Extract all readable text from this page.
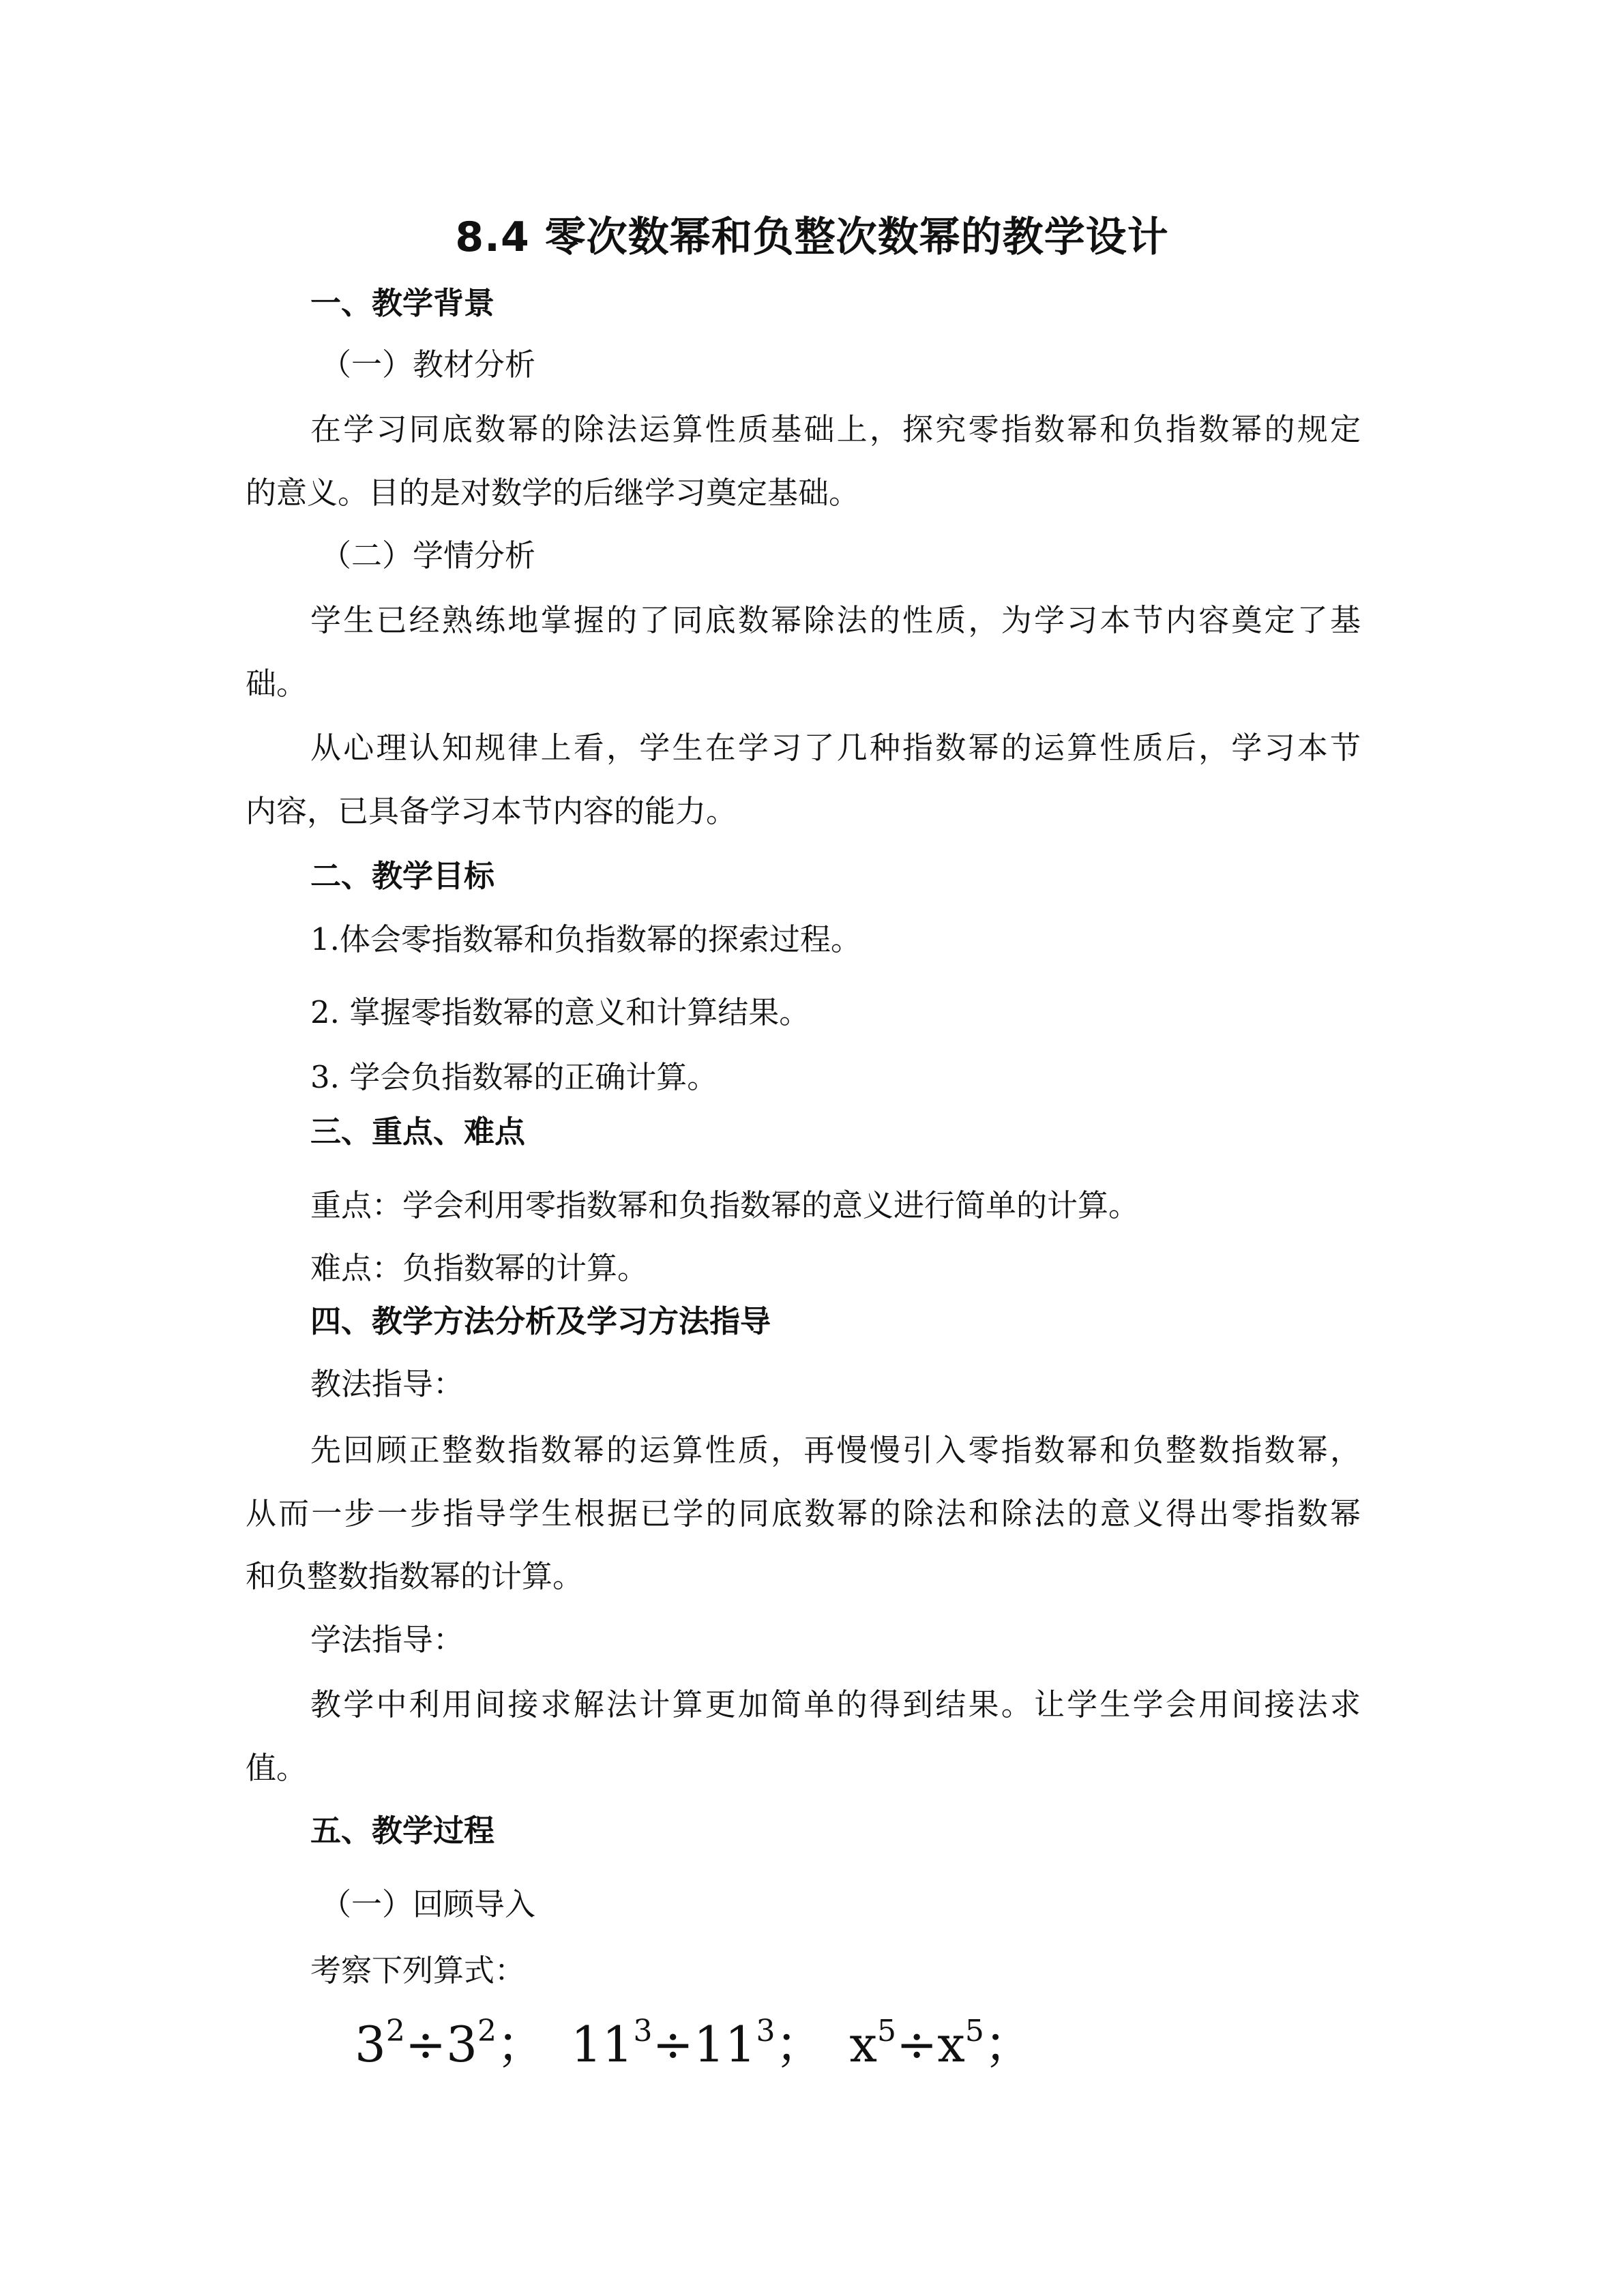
8.4 零次数幂和负整次数幂的教学设计
一、教学背景
（一）教材分析
在学习同底数幂的除法运算性质基础上，探究零指数幂和负指数幂的规定
的意义。目的是对数学的后继学习奠定基础。
（二）学情分析
学生已经熟练地掌握的了同底数幂除法的性质，为学习本节内容奠定了基
础。
从心理认知规律上看，学生在学习了几种指数幂的运算性质后，学习本节
内容，已具备学习本节内容的能力。
二、教学目标
1.体会零指数幂和负指数幂的探索过程。
2. 掌握零指数幂的意义和计算结果。
3. 学会负指数幂的正确计算。
三、重点、难点
重点：学会利用零指数幂和负指数幂的意义进行简单的计算。
难点：负指数幂的计算。
四、教学方法分析及学习方法指导
教法指导：
先回顾正整数指数幂的运算性质，再慢慢引入零指数幂和负整数指数幂，
从而一步一步指导学生根据已学的同底数幂的除法和除法的意义得出零指数幂
和负整数指数幂的计算。
学法指导：
教学中利用间接求解法计算更加简单的得到结果。让学生学会用间接法求
值。
五、教学过程
（一）回顾导入
考察下列算式：
$3^2\div 3^2$； $11^3\div 11^3$； $x^5\div x^5$；
